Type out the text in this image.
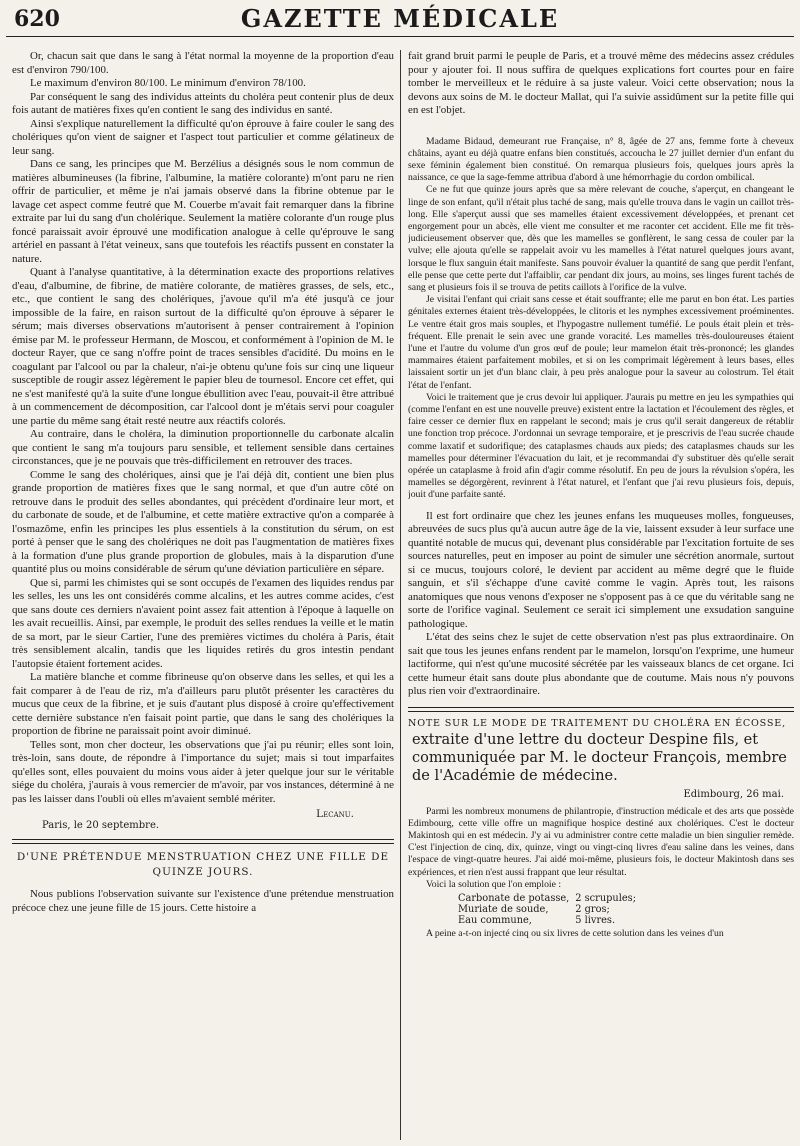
620	GAZETTE MÉDICALE

Or, chacun sait que dans le sang à l'état normal la moyenne de la proportion d'eau est d'environ 790/100.

Le maximum d'environ 80/100. Le minimum d'environ 78/100.

Par conséquent le sang des individus atteints du choléra peut contenir plus de deux fois autant de matières fixes qu'en contient le sang des individus en santé.

Ainsi s'explique naturellement la difficulté qu'on éprouve à faire couler le sang des cholériques qu'on vient de saigner et l'aspect tout particulier et comme gélatineux de leur sang.

Dans ce sang, les principes que M. Berzélius a désignés sous le nom commun de matières albumineuses (la fibrine, l'albumine, la matière colorante) m'ont paru ne rien offrir de particulier, et même je n'ai jamais observé dans la fibrine obtenue par le lavage cet aspect comme feutré que M. Couerbe m'avait fait remarquer dans la fibrine extraite par lui du sang d'un cholérique. Seulement la matière colorante d'un rouge plus foncé paraissait avoir éprouvé une modification analogue à celle qu'éprouve le sang artériel en passant à l'état veineux, sans que toutefois les réactifs pussent en constater la nature.

Quant à l'analyse quantitative, à la détermination exacte des proportions relatives d'eau, d'albumine, de fibrine, de matière colorante, de matières grasses, de sels, etc., etc., que contient le sang des cholériques, j'avoue qu'il m'a été jusqu'à ce jour impossible de la faire, en raison surtout de la difficulté qu'on éprouve à séparer le sérum; mais diverses observations m'autorisent à penser contrairement à l'opinion émise par M. le professeur Hermann, de Moscou, et conformément à l'opinion de M. le docteur Rayer, que ce sang n'offre point de traces sensibles d'acidité. Du moins en le coagulant par l'alcool ou par la chaleur, n'ai-je obtenu qu'une fois sur cinq une liqueur susceptible de rougir assez légèrement le papier bleu de tournesol. Encore cet effet, qui ne s'est manifesté qu'à la suite d'une longue ébullition avec l'eau, pouvait-il être attribué à un commencement de décomposition, car l'alcool dont je m'étais servi pour coaguler une partie du même sang était resté neutre aux réactifs colorés.

Au contraire, dans le choléra, la diminution proportionnelle du carbonate alcalin que contient le sang m'a toujours paru sensible, et tellement sensible dans certaines circonstances, que je ne pouvais que très-difficilement en retrouver des traces.

Comme le sang des cholériques, ainsi que je l'ai déjà dit, contient une bien plus grande proportion de matières fixes que le sang normal, et que d'un autre côté on retrouve dans le produit des selles abondantes, qui précèdent d'ordinaire leur mort, et du carbonate de soude, et de l'albumine, et cette matière extractive qu'on a comparée à l'osmazôme, enfin les principes les plus essentiels à la constitution du sérum, on est porté à penser que le sang des cholériques ne doit pas l'augmentation de matières fixes à la formation d'une plus grande proportion de globules, mais à la disparution d'une quantité plus ou moins considérable de sérum qu'une déviation particulière en sépare.

Que si, parmi les chimistes qui se sont occupés de l'examen des liquides rendus par les selles, les uns les ont considérés comme alcalins, et les autres comme acides, c'est que sans doute ces derniers n'avaient point assez fait attention à l'époque à laquelle on les avait recueillis. Ainsi, par exemple, le produit des selles rendues la veille et le matin de sa mort, par le sieur Cartier, l'une des premières victimes du choléra à Paris, était très sensiblement alcalin, tandis que les liquides retirés du gros intestin pendant l'autopsie étaient fortement acides.

La matière blanche et comme fibrineuse qu'on observe dans les selles, et qui les a fait comparer à de l'eau de riz, m'a d'ailleurs paru plutôt présenter les caractères du mucus que ceux de la fibrine, et je suis d'autant plus disposé à croire qu'effectivement cette dernière substance n'en faisait point partie, que dans le sang des cholériques la proportion de fibrine ne paraissait point avoir diminué.

Telles sont, mon cher docteur, les observations que j'ai pu réunir; elles sont loin, très-loin, sans doute, de répondre à l'importance du sujet; mais si tout imparfaites qu'elles sont, elles pouvaient du moins vous aider à jeter quelque jour sur le véritable siége du choléra, j'aurais à vous remercier de m'avoir, par vos instances, déterminé à ne pas les laisser dans l'oubli où elles m'avaient semblé mériter.

Lecanu.
Paris, le 20 septembre.
D'UNE PRÉTENDUE MENSTRUATION CHEZ UNE FILLE DE
QUINZE JOURS.

Nous publions l'observation suivante sur l'existence d'une prétendue menstruation précoce chez une jeune fille de 15 jours. Cette histoire a

fait grand bruit parmi le peuple de Paris, et a trouvé même des médecins assez crédules pour y ajouter foi. Il nous suffira de quelques explications fort courtes pour en faire tomber le merveilleux et le réduire à sa juste valeur. Voici cette observation; nous la devons aux soins de M. le docteur Mallat, qui l'a suivie assidûment sur la petite fille qui en est l'objet.

Madame Bidaud, demeurant rue Française, n° 8, âgée de 27 ans, femme forte à cheveux châtains, ayant eu déjà quatre enfans bien constitués, accoucha le 27 juillet dernier d'un enfant du sexe féminin également bien constitué. On remarqua plusieurs fois, quelques jours après la naissance, ce que la sage-femme attribua d'abord à une hémorrhagie du cordon ombilical.

Ce ne fut que quinze jours après que sa mère relevant de couche, s'aperçut, en changeant le linge de son enfant, qu'il n'était plus taché de sang, mais qu'elle trouva dans le vagin un caillot très-long. Elle s'aperçut aussi que ses mamelles étaient excessivement développées, et prenant cet engorgement pour un abcès, elle vient me consulter et me raconter cet accident. Elle me fit très-judicieusement observer que, dès que les mamelles se gonflèrent, le sang cessa de couler par la vulve; elle ajouta qu'elle se rappelait avoir vu les mamelles à l'état naturel quelques jours avant, lorsque le flux sanguin était manifeste. Sans pouvoir évaluer la quantité de sang que perdit l'enfant, elle pense que cette perte dut l'affaiblir, car pendant dix jours, au moins, ses linges furent tachés de sang et plusieurs fois il se trouva de petits caillots à l'orifice de la vulve.

Je visitai l'enfant qui criait sans cesse et était souffrante; elle me parut en bon état. Les parties génitales externes étaient très-développées, le clitoris et les nymphes excessivement proéminentes. Le ventre était gros mais souples, et l'hypogastre nullement tuméfié. Le pouls était plein et très-fréquent. Elle prenait le sein avec une grande voracité. Les mamelles très-douloureuses étaient l'une et l'autre du volume d'un gros œuf de poule; leur mamelon était très-prononcé; les glandes mammaires étaient parfaitement mobiles, et si on les comprimait légèrement à leurs bases, elles laissaient sortir un jet d'un blanc clair, à peu près analogue pour la saveur au colostrum. Tel était l'état de l'enfant.

Voici le traitement que je crus devoir lui appliquer. J'aurais pu mettre en jeu les sympathies qui (comme l'enfant en est une nouvelle preuve) existent entre la lactation et l'écoulement des règles, et faire cesser ce dernier flux en rappelant le second; mais je crus qu'il serait dangereux de rétablir une fonction trop précoce. J'ordonnai un sevrage temporaire, et je prescrivis de l'eau sucrée chaude comme laxatif et sudorifique; des cataplasmes chauds aux pieds; des cataplasmes chauds sur les mamelles pour déterminer l'évacuation du lait, et je recommandai d'y substituer dès qu'elle serait opérée un cataplasme à froid afin d'agir comme résolutif. En peu de jours la révulsion s'opéra, les mamelles se dégorgèrent, revinrent à l'état naturel, et l'enfant que j'ai revu plusieurs fois, depuis, jouit d'une parfaite santé.

Il est fort ordinaire que chez les jeunes enfans les muqueuses molles, fongueuses, abreuvées de sucs plus qu'à aucun autre âge de la vie, laissent exsuder à leur surface une quantité notable de mucus qui, devenant plus considérable par l'excitation fortuite de ses sources naturelles, peut en imposer au point de simuler une sécrétion anormale, surtout si ce mucus, toujours coloré, le devient par accident au même degré que le fluide sanguin, et s'il s'échappe d'une cavité comme le vagin. Après tout, les raisons anatomiques que nous venons d'exposer ne s'opposent pas à ce que du véritable sang ne sorte de l'orifice vaginal. Seulement ce serait ici simplement une exsudation sanguine pathologique.

L'état des seins chez le sujet de cette observation n'est pas plus extraordinaire. On sait que tous les jeunes enfans rendent par le mamelon, lorsqu'on l'exprime, une humeur lactiforme, qui n'est qu'une mucosité sécrétée par les vaisseaux blancs de cet organe. Ici cette humeur était sans doute plus abondante que de coutume. Mais nous n'y pouvons plus rien voir d'extraordinaire.

NOTE SUR LE MODE DE TRAITEMENT DU CHOLÉRA EN ÉCOSSE,
extraite d'une lettre du docteur Despine fils, et communiquée par M. le docteur François, membre de l'Académie de médecine.
Edimbourg, 26 mai.

Parmi les nombreux monumens de philantropie, d'instruction médicale et des arts que possède Edimbourg, cette ville offre un magnifique hospice destiné aux cholériques. C'est le docteur Makintosh qui en est médecin. J'y ai vu administrer contre cette maladie un bien singulier remède. C'est l'injection de cinq, dix, quinze, vingt ou vingt-cinq livres d'eau saline dans les veines, dans l'espace de vingt-quatre heures. J'ai aidé moi-même, plusieurs fois, le docteur Makintosh dans ses expériences, et rien n'est aussi frappant que leur résultat.

Voici la solution que l'on emploie :

Carbonate de potasse,	2 scrupules;
Muriate de soude,	2 gros;
Eau commune,	5 livres.

A peine a-t-on injecté cinq ou six livres de cette solution dans les veines d'un
